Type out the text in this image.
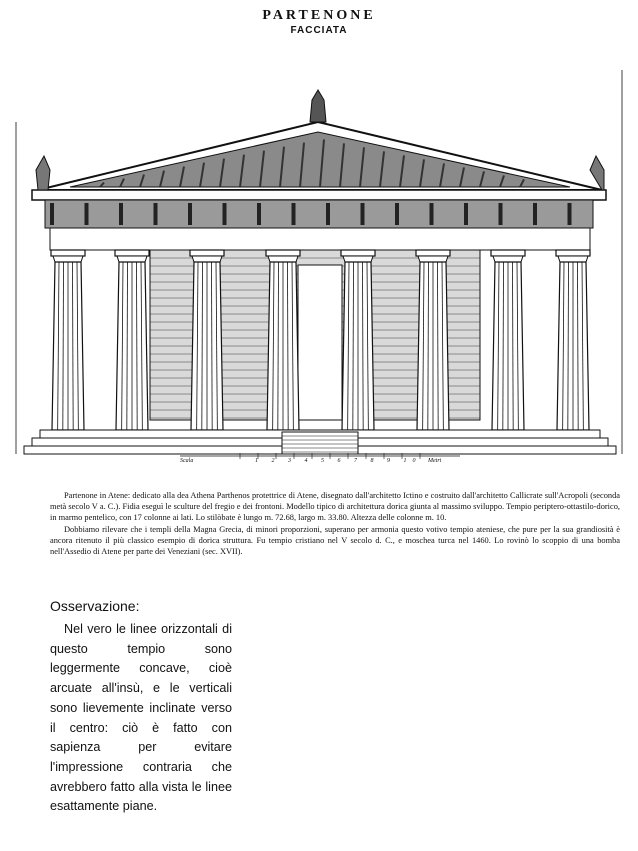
PARTENONE
FACCIATA
Scala	1 2 3 4 5 6 7 8 9 10 Metri

Partenone in Atene: dedicato alla dea Athena Parthenos protettrice di Atene, disegnato dall'architetto Ictino e costruito dall'architetto Callicrate sull'Acropoli (seconda metà secolo V a. C.). Fidia eseguì le sculture del fregio e dei frontoni. Modello tipico di architettura dorica giunta al massimo sviluppo. Tempio periptero-ottastilo-dorico, in marmo pentelico, con 17 colonne ai lati. Lo stilòbate è lungo m. 72.68, largo m. 33.80. Altezza delle colonne m. 10.

Dobbiamo rilevare che i templi della Magna Grecia, di minori proporzioni, superano per armonia questo votivo tempio ateniese, che pure per la sua grandiosità è ancora ritenuto il più classico esempio di dorica struttura. Fu tempio cristiano nel V secolo d. C., e moschea turca nel 1460. Lo rovinò lo scoppio di una bomba nell'Assedio di Atene per parte dei Veneziani (sec. XVII).

Osservazione:
Nel vero le linee orizzontali di questo tempio sono leggermente concave, cioè arcuate all'insù, e le verticali sono lievemente inclinate verso il centro: ciò è fatto con sapienza per evitare l'impressione contraria che avrebbero fatto alla vista le linee esattamente piane.
